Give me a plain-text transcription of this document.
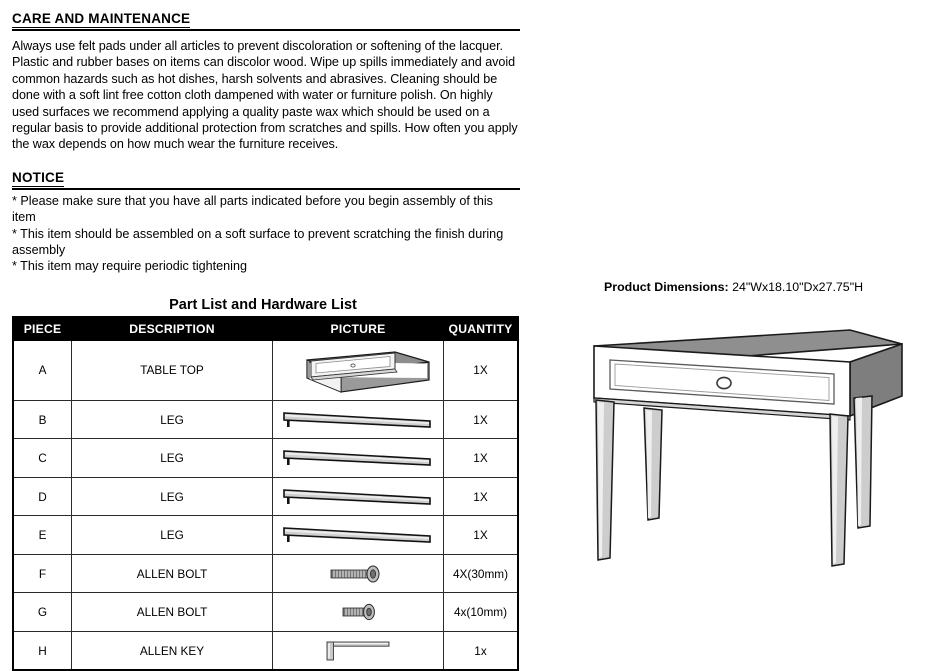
CARE AND MAINTENANCE

Always use felt pads under all articles to prevent discoloration or softening of the lacquer. Plastic and rubber bases on items can discolor wood. Wipe up spills immediately and avoid common hazards such as hot dishes, harsh solvents and abrasives. Cleaning should be done with a soft lint free cotton cloth dampened with water or furniture polish. On highly used surfaces we recommend applying a quality paste wax which should be used on a regular basis to provide additional protection from scratches and spills. How often you apply the wax depends on how much wear the furniture receives.

NOTICE

* Please make sure that you have all parts indicated before you begin assembly of this item

* This item should be assembled on a soft surface to prevent scratching the finish during assembly

* This item may require periodic tightening

Part List and Hardware List
PIECE	DESCRIPTION	PICTURE	QUANTITY
A	TABLE TOP		1X
B	LEG		1X
C	LEG		1X
D	LEG		1X
E	LEG		1X
F	ALLEN BOLT		4X(30mm)
G	ALLEN BOLT		4x(10mm)
H	ALLEN KEY		1x

Product Dimensions: 24"Wx18.10"Dx27.75"H
